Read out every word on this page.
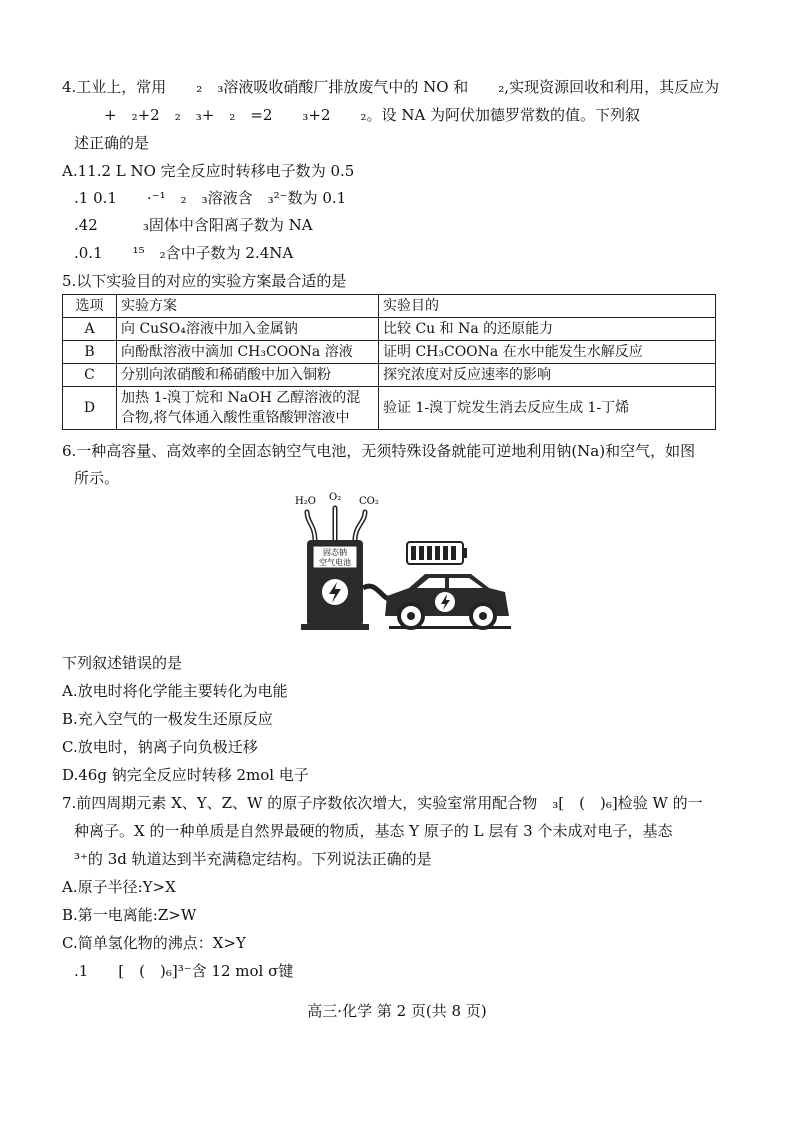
4.工业上，常用　　₂　₃溶液吸收硝酸厂排放废气中的 NO 和　　₂,实现资源回收和利用，其反应为
　　+　₂+2　₂　₃+　₂　=2　　₃+2　　₂。设 NA 为阿伏加德罗常数的值。下列叙
述正确的是
A.11.2 L NO 完全反应时转移电子数为 0.5
.1 0.1　　·⁻¹　₂　₃溶液含　₃²⁻数为 0.1
.42　　　₃固体中含阳离子数为 NA
.0.1　　¹⁵　₂含中子数为 2.4NA
5.以下实验目的对应的实验方案最合适的是
选项	实验方案	实验目的
A	向 CuSO₄溶液中加入金属钠	比较 Cu 和 Na 的还原能力
B	向酚酞溶液中滴加 CH₃COONa 溶液	证明 CH₃COONa 在水中能发生水解反应
C	分别向浓硝酸和稀硝酸中加入铜粉	探究浓度对反应速率的影响
D	加热 1-溴丁烷和 NaOH 乙醇溶液的混合物,将气体通入酸性重铬酸钾溶液中	验证 1-溴丁烷发生消去反应生成 1-丁烯
6.一种高容量、高效率的全固态钠空气电池，无须特殊设备就能可逆地利用钠(Na)和空气，如图
所示。
H₂O O₂ CO₂
固态钠
空气电池
下列叙述错误的是
A.放电时将化学能主要转化为电能
B.充入空气的一极发生还原反应
C.放电时，钠离子向负极迁移
D.46g 钠完全反应时转移 2mol 电子
7.前四周期元素 X、Y、Z、W 的原子序数依次增大，实验室常用配合物　₃[　(　)₆]检验 W 的一
种离子。X 的一种单质是自然界最硬的物质，基态 Y 原子的 L 层有 3 个未成对电子，基态
³⁺的 3d 轨道达到半充满稳定结构。下列说法正确的是
A.原子半径:Y>X
B.第一电离能:Z>W
C.简单氢化物的沸点：X>Y
.1　　[　(　)₆]³⁻含 12 mol σ键
高三·化学 第 2 页(共 8 页)
